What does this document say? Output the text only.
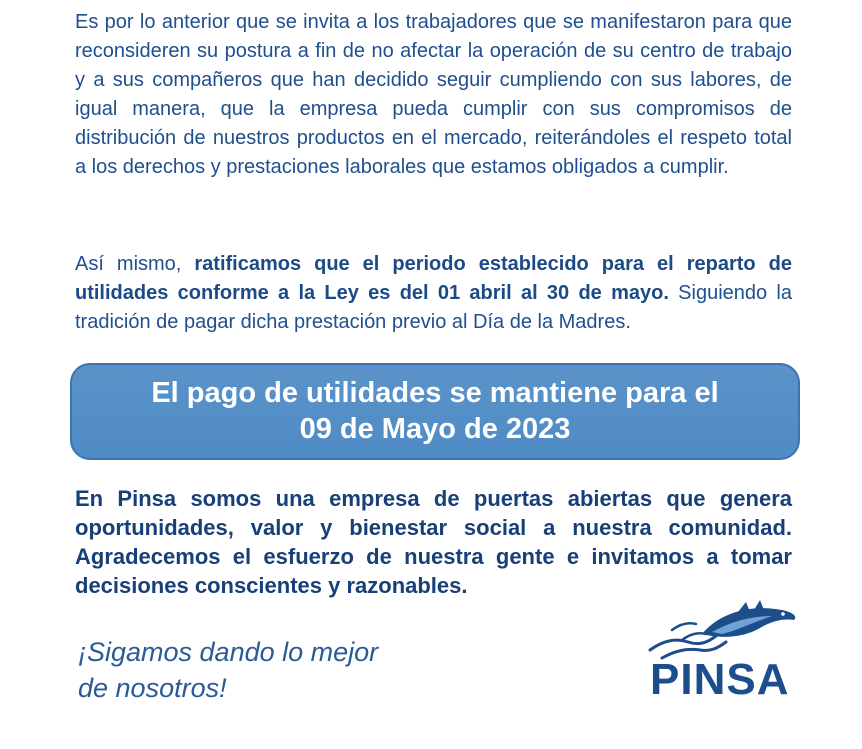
Es por lo anterior que se invita a los trabajadores que se manifestaron para que reconsideren su postura a fin de no afectar la operación de su centro de trabajo y a sus compañeros que han decidido seguir cumpliendo con sus labores, de igual manera, que la empresa pueda cumplir con sus compromisos de distribución de nuestros productos en el mercado, reiterándoles el respeto total a los derechos y prestaciones laborales que estamos obligados a cumplir.

Así mismo, ratificamos que el periodo establecido para el reparto de utilidades conforme a la Ley es del 01 abril al 30 de mayo. Siguiendo la tradición de pagar dicha prestación previo al Día de la Madres.

El pago de utilidades se mantiene para el
09 de Mayo de 2023

En Pinsa somos una empresa de puertas abiertas que genera oportunidades, valor y bienestar social a nuestra comunidad. Agradecemos el esfuerzo de nuestra gente e invitamos a tomar decisiones conscientes y razonables.

¡Sigamos dando lo mejor
de nosotros!	PINSA
